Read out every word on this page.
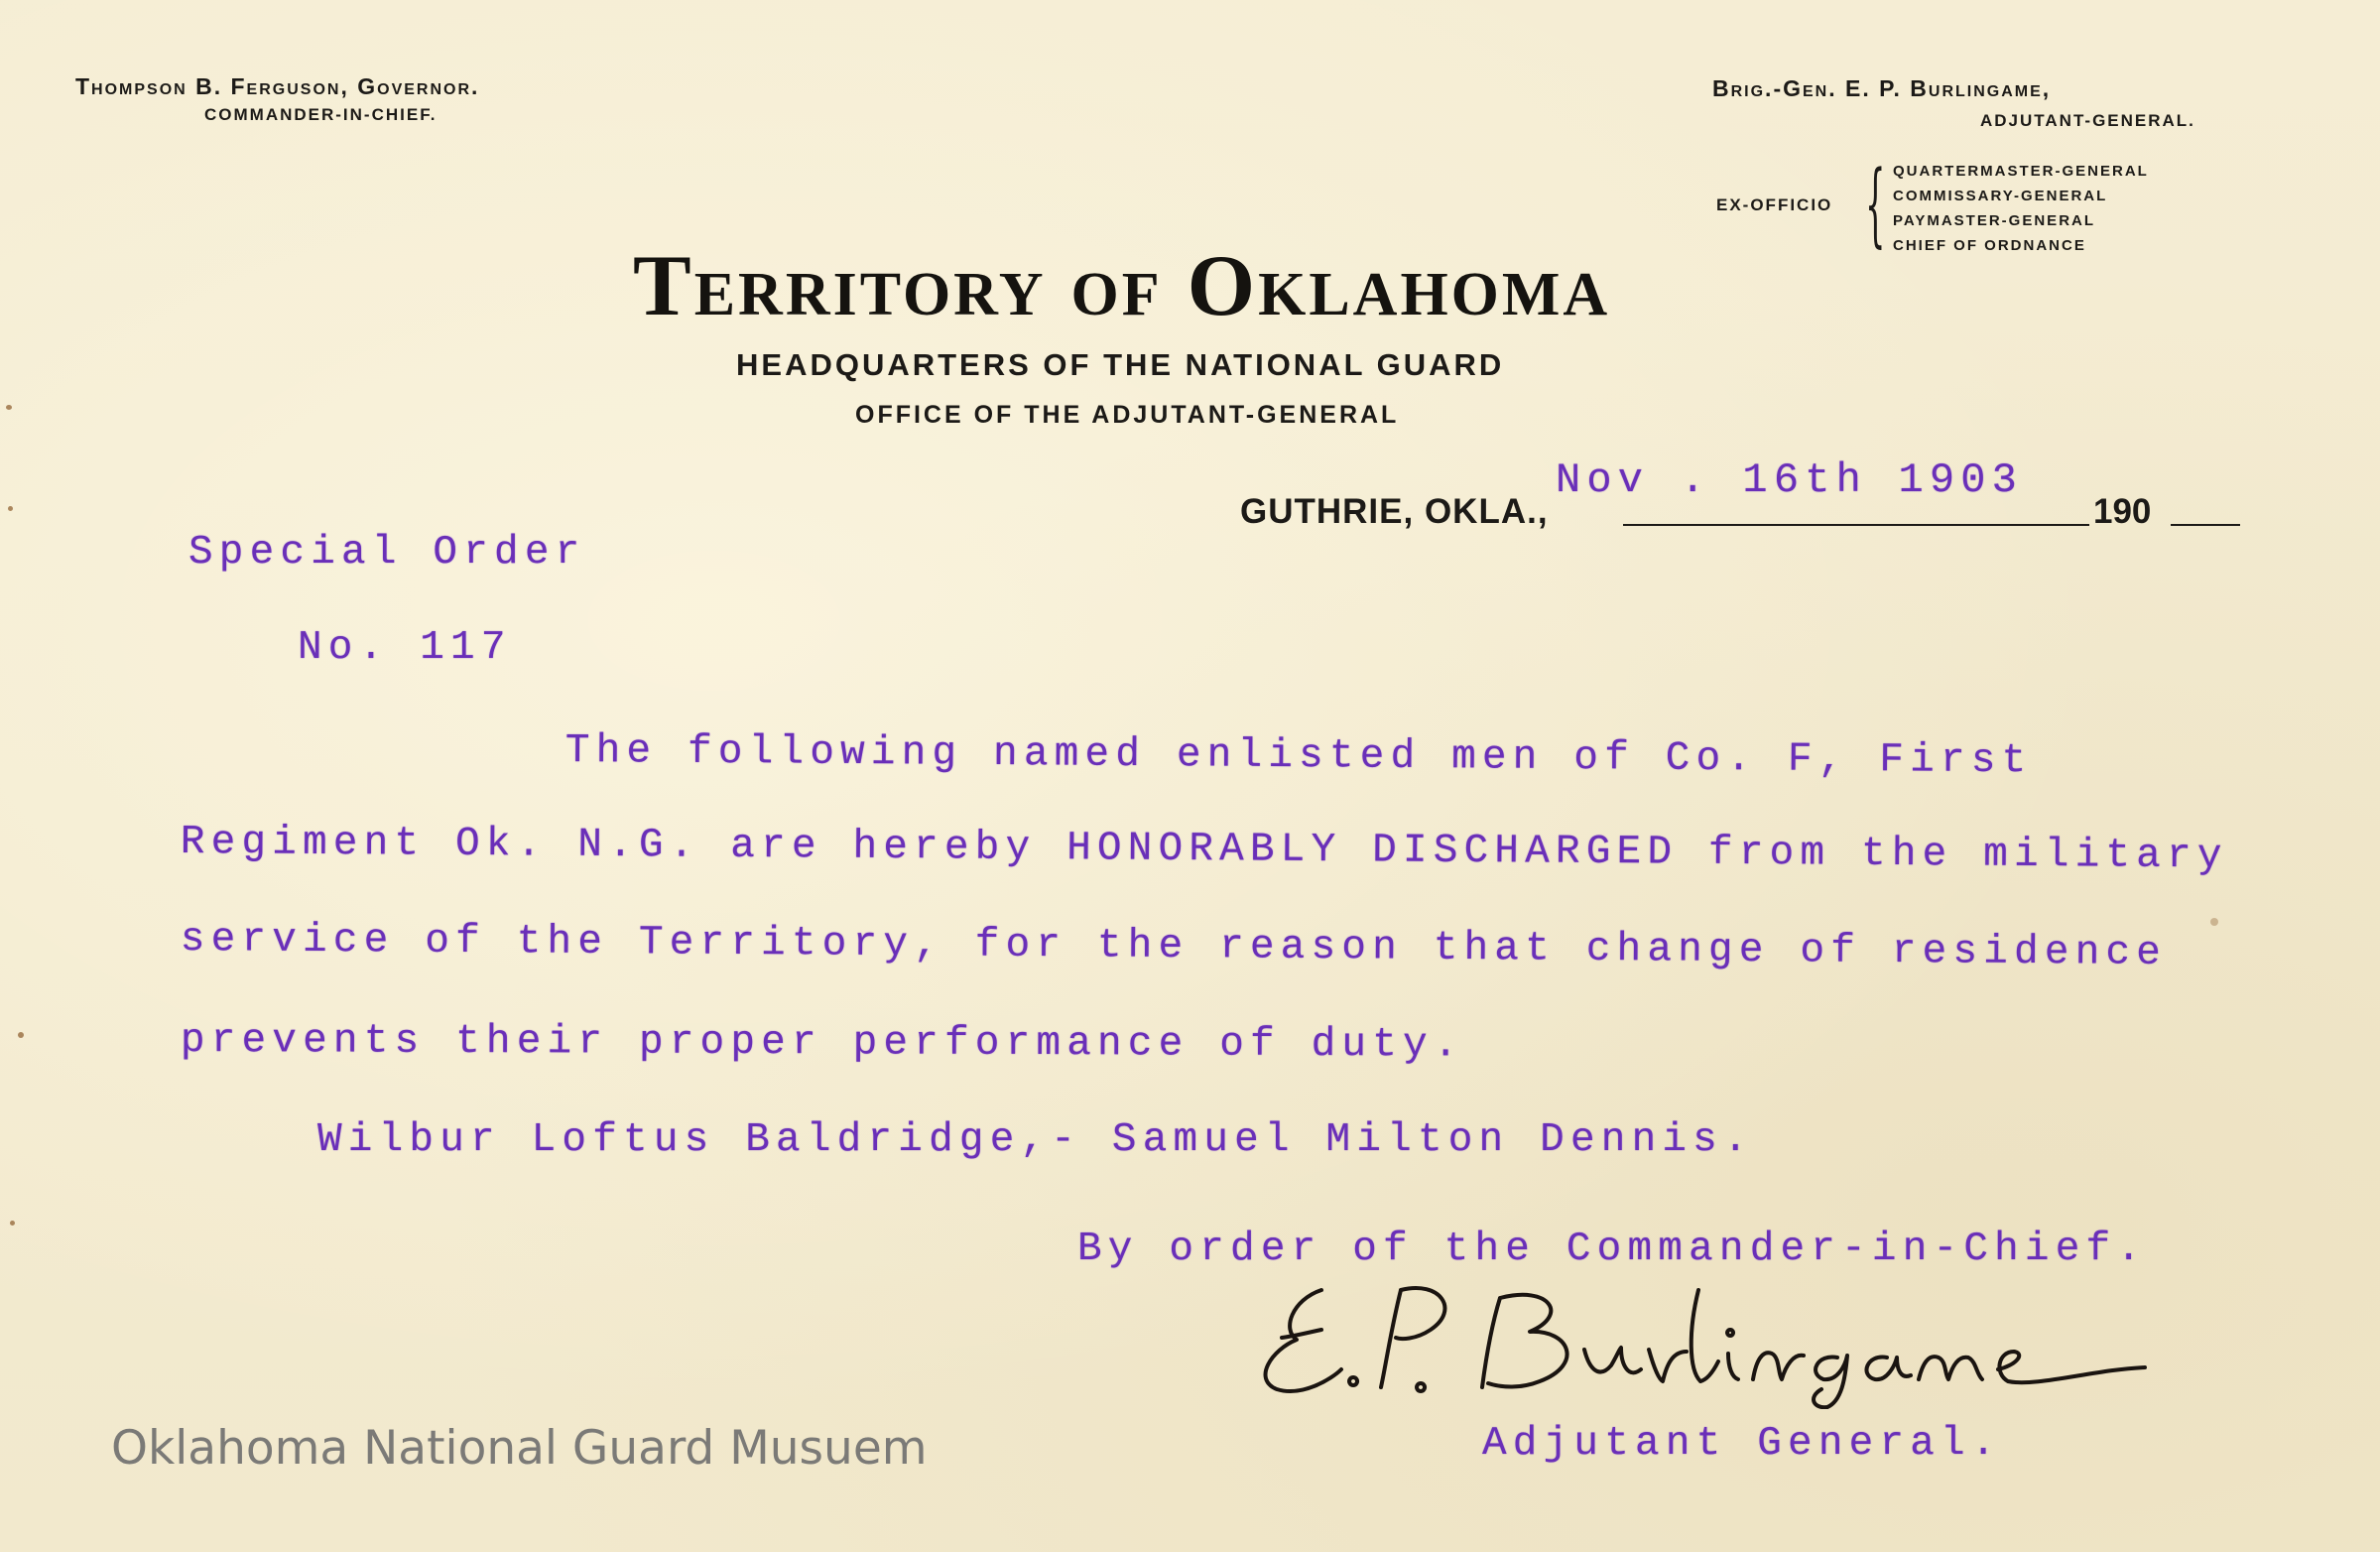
Thompson B. Ferguson, Governor.
COMMANDER-IN-CHIEF.
Brig.-Gen. E. P. Burlingame,
ADJUTANT-GENERAL.
EX-OFFICIO { QUARTERMASTER-GENERAL
COMMISSARY-GENERAL
PAYMASTER-GENERAL
CHIEF OF ORDNANCE
Territory of Oklahoma
HEADQUARTERS OF THE NATIONAL GUARD
OFFICE OF THE ADJUTANT-GENERAL
GUTHRIE, OKLA.,	190
Nov . 16th 1903
Special Order
No. 117
The following named enlisted men of Co. F, First
Regiment Ok. N.G. are hereby HONORABLY DISCHARGED from the military
service of the Territory, for the reason that change of residence
prevents their proper performance of duty.
Wilbur Loftus Baldridge,- Samuel Milton Dennis.
By order of the Commander-in-Chief.
Adjutant General.
Oklahoma National Guard Musuem
